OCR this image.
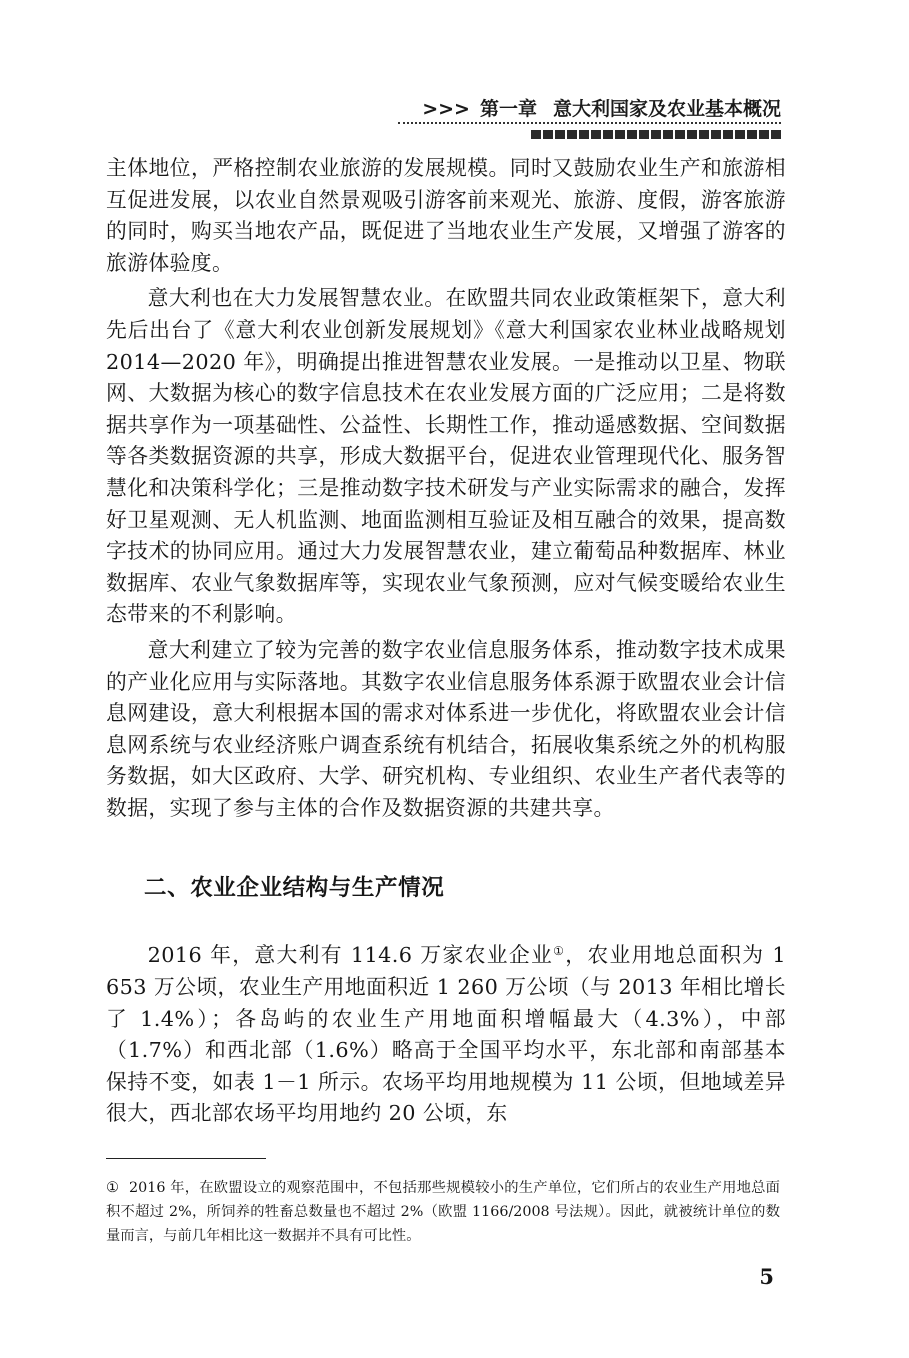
>>> 第一章 意大利国家及农业基本概况

主体地位，严格控制农业旅游的发展规模。同时又鼓励农业生产和旅游相互促进发展，以农业自然景观吸引游客前来观光、旅游、度假，游客旅游的同时，购买当地农产品，既促进了当地农业生产发展，又增强了游客的旅游体验度。

意大利也在大力发展智慧农业。在欧盟共同农业政策框架下，意大利先后出台了《意大利农业创新发展规划》《意大利国家农业林业战略规划 2014—2020 年》，明确提出推进智慧农业发展。一是推动以卫星、物联网、大数据为核心的数字信息技术在农业发展方面的广泛应用；二是将数据共享作为一项基础性、公益性、长期性工作，推动遥感数据、空间数据等各类数据资源的共享，形成大数据平台，促进农业管理现代化、服务智慧化和决策科学化；三是推动数字技术研发与产业实际需求的融合，发挥好卫星观测、无人机监测、地面监测相互验证及相互融合的效果，提高数字技术的协同应用。通过大力发展智慧农业，建立葡萄品种数据库、林业数据库、农业气象数据库等，实现农业气象预测，应对气候变暖给农业生态带来的不利影响。

意大利建立了较为完善的数字农业信息服务体系，推动数字技术成果的产业化应用与实际落地。其数字农业信息服务体系源于欧盟农业会计信息网建设，意大利根据本国的需求对体系进一步优化，将欧盟农业会计信息网系统与农业经济账户调查系统有机结合，拓展收集系统之外的机构服务数据，如大区政府、大学、研究机构、专业组织、农业生产者代表等的数据，实现了参与主体的合作及数据资源的共建共享。

二、农业企业结构与生产情况

2016 年，意大利有 114.6 万家农业企业①，农业用地总面积为 1 653 万公顷，农业生产用地面积近 1 260 万公顷（与 2013 年相比增长了 1.4%）；各岛屿的农业生产用地面积增幅最大（4.3%），中部（1.7%）和西北部（1.6%）略高于全国平均水平，东北部和南部基本保持不变，如表 1－1 所示。农场平均用地规模为 11 公顷，但地域差异很大，西北部农场平均用地约 20 公顷，东

① 2016 年，在欧盟设立的观察范围中，不包括那些规模较小的生产单位，它们所占的农业生产用地总面积不超过 2%，所饲养的牲畜总数量也不超过 2%（欧盟 1166/2008 号法规）。因此，就被统计单位的数量而言，与前几年相比这一数据并不具有可比性。

5
